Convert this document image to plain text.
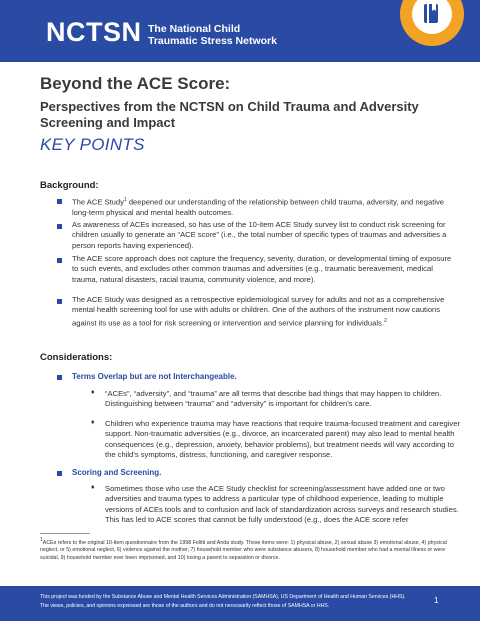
NCTSN The National Child
Traumatic Stress Network
Beyond the ACE Score:
Perspectives from the NCTSN on Child Trauma and Adversity Screening and Impact
KEY POINTS
Background:
The ACE Study$^1$ deepened our understanding of the relationship between child trauma, adversity, and negative long-term physical and mental health outcomes.
As awareness of ACEs increased, so has use of the 10-item ACE Study survey list to conduct risk screening for children usually to generate an “ACE score” (i.e., the total number of specific types of traumas and adversities a person reports having experienced).
The ACE score approach does not capture the frequency, severity, duration, or developmental timing of exposure to such events, and excludes other common traumas and adversities (e.g., traumatic bereavement, medical trauma, natural disasters, racial trauma, community violence, and more).
The ACE Study was designed as a retrospective epidemiological survey for adults and not as a comprehensive mental health screening tool for use with adults or children. One of the authors of the instrument now cautions against its use as a tool for risk screening or intervention and service planning for individuals.$^2$
Considerations:
Terms Overlap but are not Interchangeable.
♦ “ACEs”, “adversity”, and “trauma” are all terms that describe bad things that may happen to children. Distinguishing between “trauma” and “adversity” is important for children’s care.
♦ Children who experience trauma may have reactions that require trauma-focused treatment and caregiver support. Non-traumatic adversities (e.g., divorce, an incarcerated parent) may also lead to mental health consequences (e.g., depression, anxiety, behavior problems), but treatment needs will vary according to the child’s symptoms, distress, functioning, and caregiver response.
Scoring and Screening.
♦ Sometimes those who use the ACE Study checklist for screening/assessment have added one or two adversities and trauma types to address a particular type of childhood experience, leading to multiple versions of ACEs tools and to confusion and lack of standardization across surveys and research studies. This has led to ACE scores that cannot be fully understood (e.g., does the ACE score refer
$^1$ACEs refers to the original 10-item questionnaire from the 1998 Felitti and Anda study. Those items were: 1) physical abuse, 2) sexual abuse 3) emotional abuse, 4) physical neglect, or 5) emotional neglect, 6) violence against the mother, 7) household member who were substance abusers, 8) household member who had a mental illness or were suicidal, 9) household member ever been imprisoned, and 10) losing a parent to separation or divorce.
This project was funded by the Substance Abuse and Mental Health Services Administration (SAMHSA), US Department of Health and Human Services (HHS). The views, policies, and opinions expressed are those of the authors and do not necessarily reflect those of SAMHSA or HHS.
1
